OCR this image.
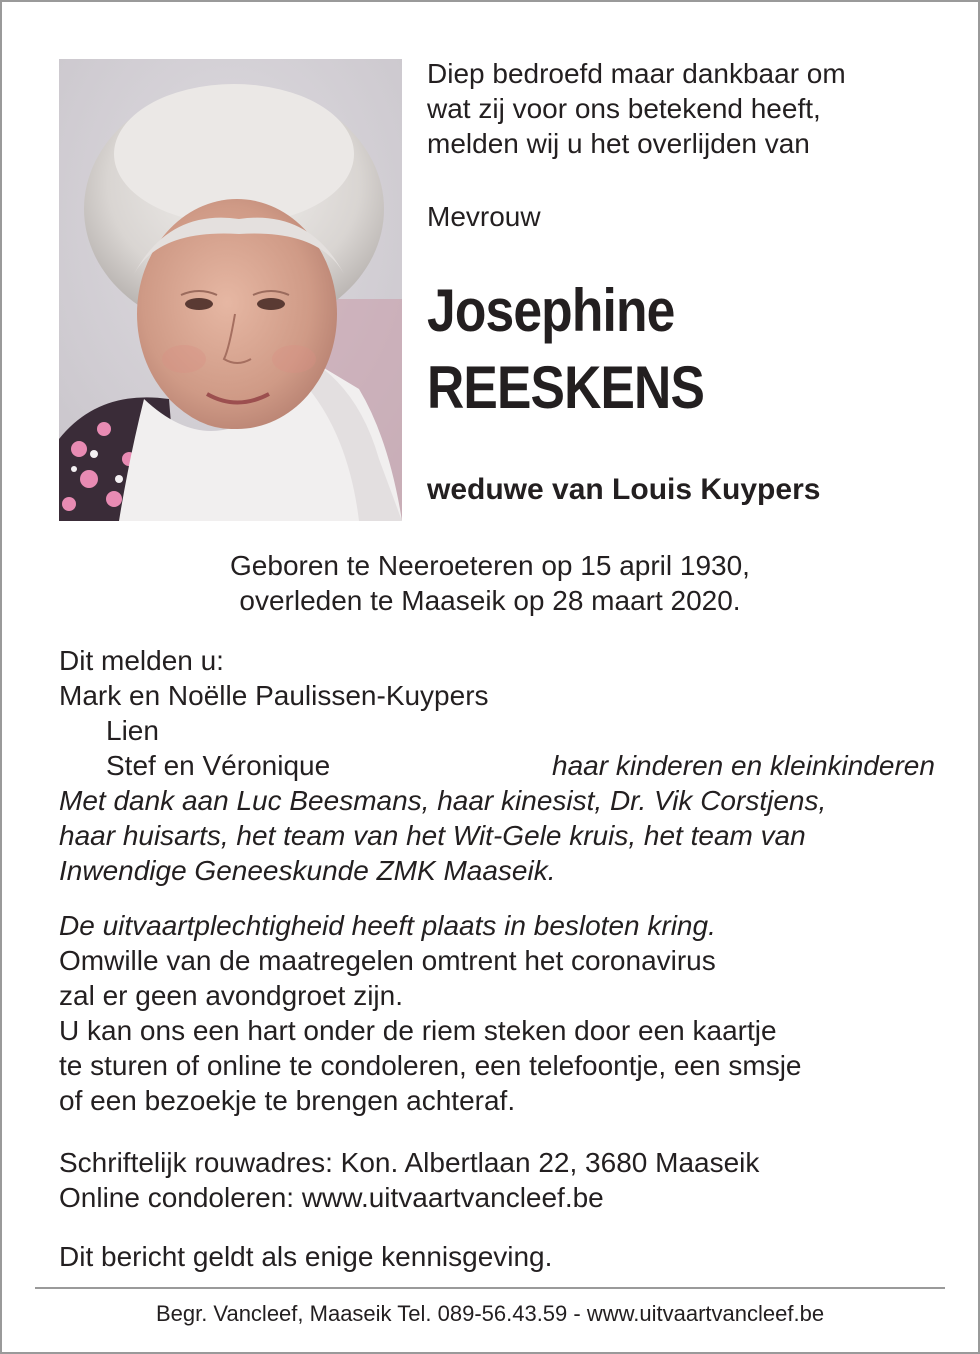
Diep bedroefd maar dankbaar om
wat zij voor ons betekend heeft,
melden wij u het overlijden van
Mevrouw
Josephine
REESKENS
weduwe van Louis Kuypers
Geboren te Neeroeteren op 15 april 1930,
overleden te Maaseik op 28 maart 2020.
Dit melden u:
Mark en Noëlle Paulissen-Kuypers
Lien
Stef en Véronique	haar kinderen en kleinkinderen
Met dank aan Luc Beesmans, haar kinesist, Dr. Vik Corstjens,
haar huisarts, het team van het Wit-Gele kruis, het team van
Inwendige Geneeskunde ZMK Maaseik.
De uitvaartplechtigheid heeft plaats in besloten kring.
Omwille van de maatregelen omtrent het coronavirus
zal er geen avondgroet zijn.
U kan ons een hart onder de riem steken door een kaartje
te sturen of online te condoleren, een telefoontje, een smsje
of een bezoekje te brengen achteraf.
Schriftelijk rouwadres: Kon. Albertlaan 22, 3680 Maaseik
Online condoleren: www.uitvaartvancleef.be
Dit bericht geldt als enige kennisgeving.
Begr. Vancleef, Maaseik Tel. 089-56.43.59 - www.uitvaartvancleef.be
